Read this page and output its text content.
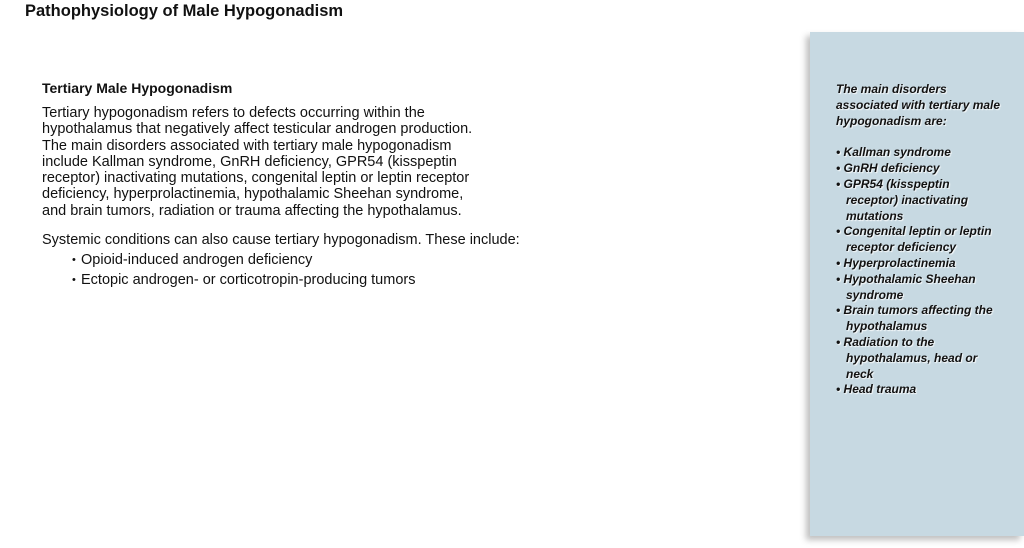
Pathophysiology of Male Hypogonadism
Tertiary Male Hypogonadism

Tertiary hypogonadism refers to defects occurring within the
hypothalamus that negatively affect testicular androgen production.
The main disorders associated with tertiary male hypogonadism
include Kallman syndrome, GnRH deficiency, GPR54 (kisspeptin
receptor) inactivating mutations, congenital leptin or leptin receptor
deficiency, hyperprolactinemia, hypothalamic Sheehan syndrome,
and brain tumors, radiation or trauma affecting the hypothalamus.

Systemic conditions can also cause tertiary hypogonadism. These include:

• Opioid-induced androgen deficiency
• Ectopic androgen- or corticotropin-producing tumors
The main disorders
associated with tertiary male
hypogonadism are:
• Kallman syndrome
• GnRH deficiency
• GPR54 (kisspeptin
receptor) inactivating
mutations
• Congenital leptin or leptin
receptor deficiency
• Hyperprolactinemia
• Hypothalamic Sheehan
syndrome
• Brain tumors affecting the
hypothalamus
• Radiation to the
hypothalamus, head or
neck
• Head trauma
